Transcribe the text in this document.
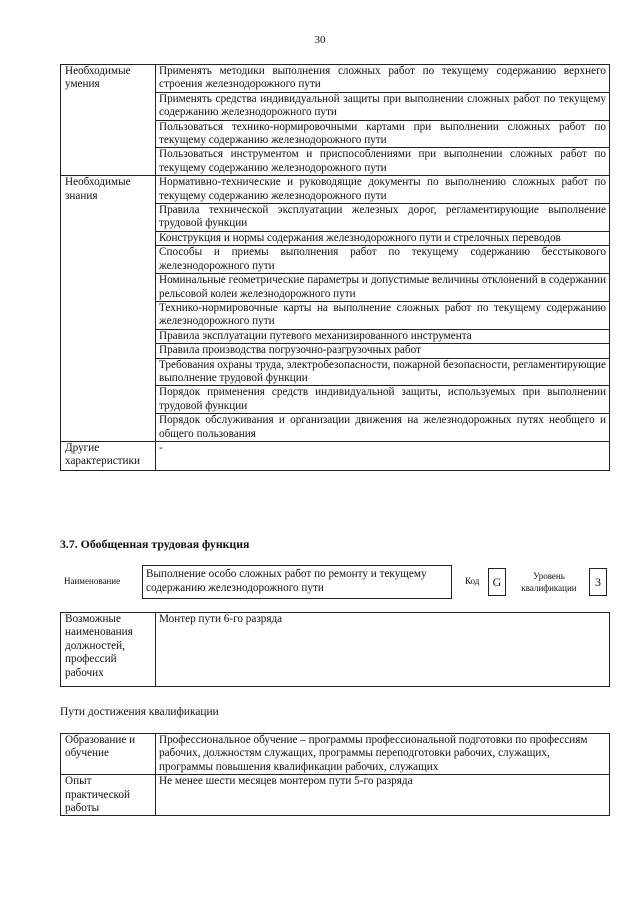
30
Необходимые умения	Применять методики выполнения сложных работ по текущему содержанию верхнего строения железнодорожного пути
	Применять средства индивидуальной защиты при выполнении сложных работ по текущему содержанию железнодорожного пути
	Пользоваться технико-нормировочными картами при выполнении сложных работ по текущему содержанию железнодорожного пути
	Пользоваться инструментом и приспособлениями при выполнении сложных работ по текущему содержанию железнодорожного пути
Необходимые знания	Нормативно-технические и руководящие документы по выполнению сложных работ по текущему содержанию железнодорожного пути
	Правила технической эксплуатации железных дорог, регламентирующие выполнение трудовой функции
	Конструкция и нормы содержания железнодорожного пути и стрелочных переводов
	Способы и приемы выполнения работ по текущему содержанию бесстыкового железнодорожного пути
	Номинальные геометрические параметры и допустимые величины отклонений в содержании рельсовой колеи железнодорожного пути
	Технико-нормировочные карты на выполнение сложных работ по текущему содержанию железнодорожного пути
	Правила эксплуатации путевого механизированного инструмента
	Правила производства погрузочно-разгрузочных работ
	Требования охраны труда, электробезопасности, пожарной безопасности, регламентирующие выполнение трудовой функции
	Порядок применения средств индивидуальной защиты, используемых при выполнении трудовой функции
	Порядок обслуживания и организации движения на железнодорожных путях необщего и общего пользования
Другие характеристики	-
3.7. Обобщенная трудовая функция
Наименование
Выполнение особо сложных работ по ремонту и текущему содержанию железнодорожного пути
Код	G	Уровень квалификации	3
Возможные наименования должностей, профессий рабочих	Монтер пути 6-го разряда
Пути достижения квалификации
Образование и обучение	Профессиональное обучение – программы профессиональной подготовки по профессиям рабочих, должностям служащих, программы переподготовки рабочих, служащих, программы повышения квалификации рабочих, служащих
Опыт практической работы	Не менее шести месяцев монтером пути 5-го разряда
